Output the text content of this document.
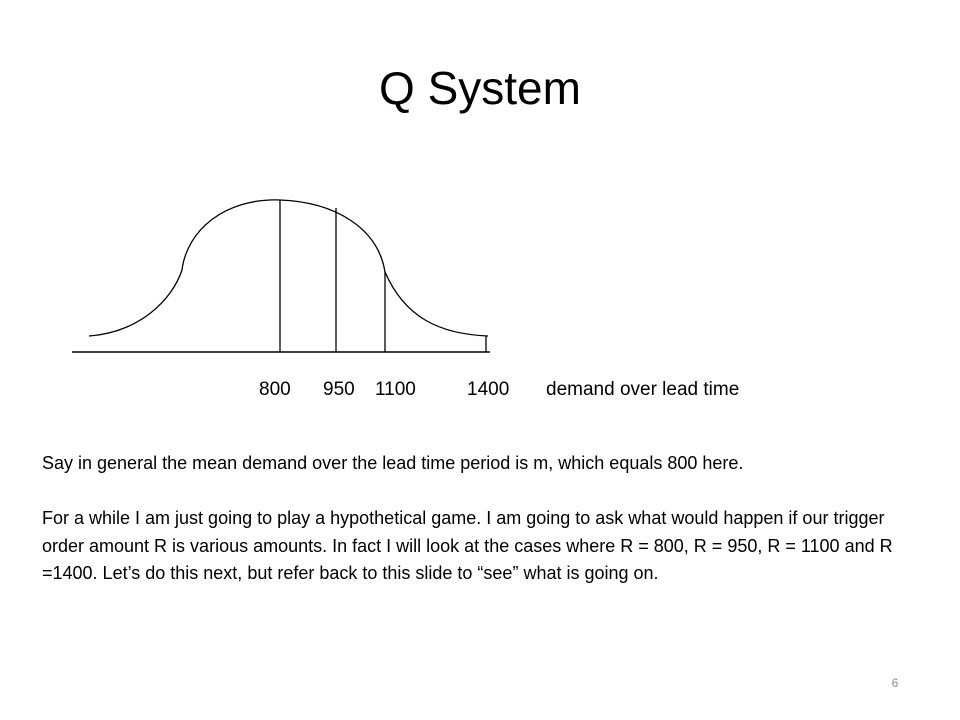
Q System
800 950 1100	1400 demand over lead time

Say in general the mean demand over the lead time period is m, which equals 800 here.

For a while I am just going to play a hypothetical game. I am going to ask what would happen if our trigger order amount R is various amounts. In fact I will look at the cases where R = 800, R = 950, R = 1100 and R =1400. Let’s do this next, but refer back to this slide to “see” what is going on.

6
